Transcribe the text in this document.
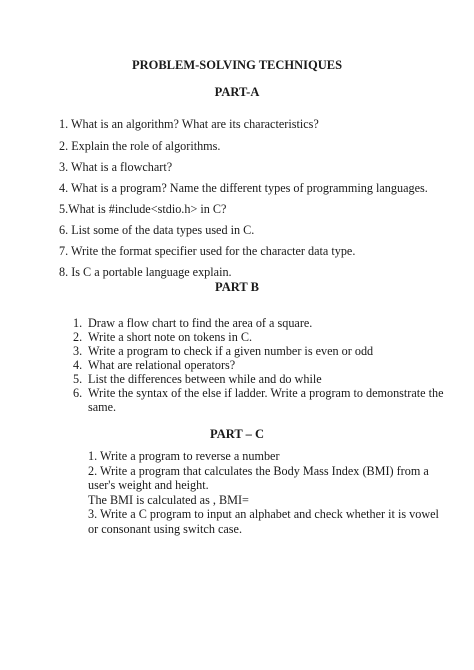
PROBLEM-SOLVING TECHNIQUES
PART-A
1. What is an algorithm? What are its characteristics?
2. Explain the role of algorithms.
3. What is a flowchart?
4. What is a program? Name the different types of programming languages.
5.What is #include<stdio.h> in C?
6. List some of the data types used in C.
7. Write the format specifier used for the character data type.
8. Is C a portable language explain.
PART B
1. Draw a flow chart to find the area of a square.
2. Write a short note on tokens in C.
3. Write a program to check if a given number is even or odd
4. What are relational operators?
5. List the differences between while and do while
6. Write the syntax of the else if ladder. Write a program to demonstrate the
same.
PART – C
1. Write a program to reverse a number
2. Write a program that calculates the Body Mass Index (BMI) from a
user's weight and height.
The BMI is calculated as , BMI=
3. Write a C program to input an alphabet and check whether it is vowel
or consonant using switch case.
